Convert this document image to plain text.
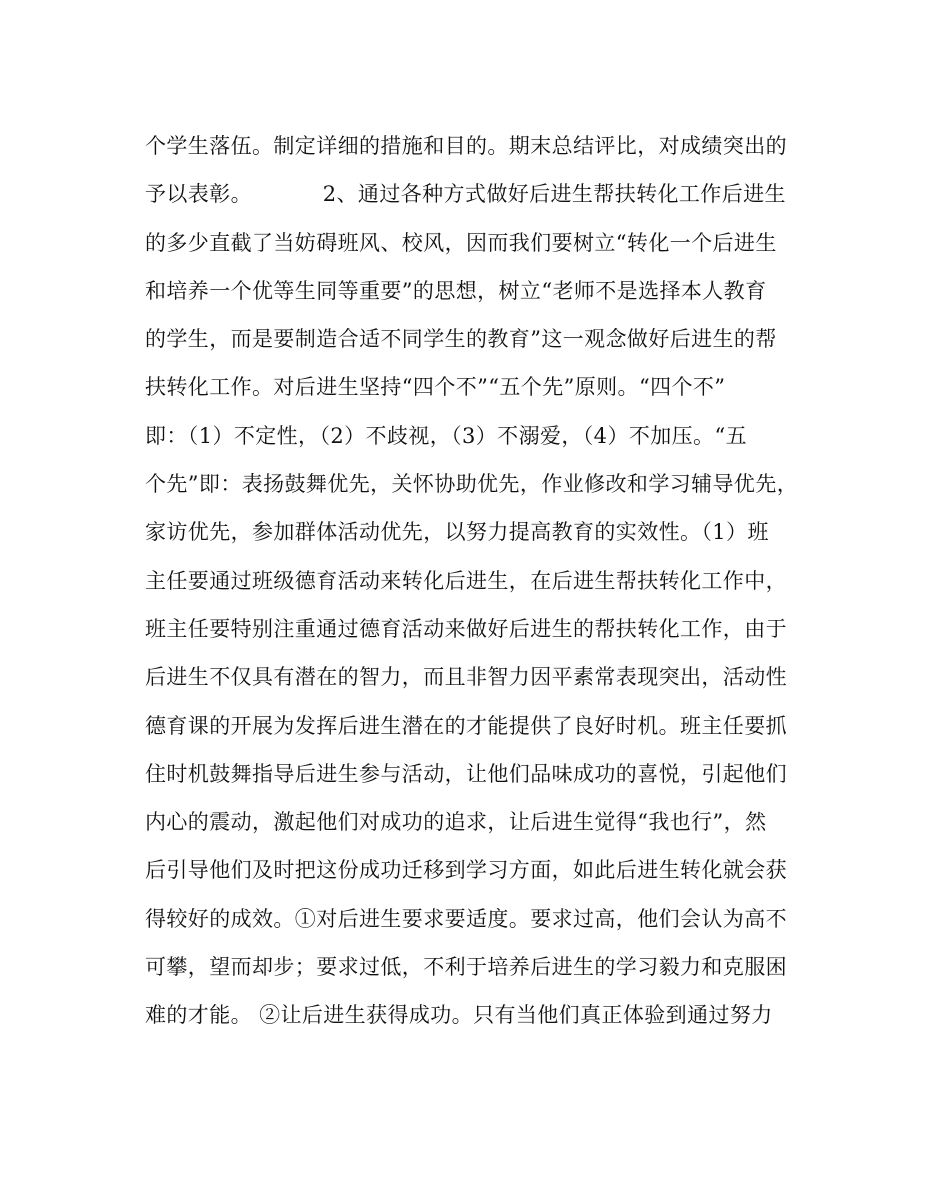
个学生落伍。制定详细的措施和目的。期末总结评比，对成绩突出的
予以表彰。          2、通过各种方式做好后进生帮扶转化工作后进生
的多少直截了当妨碍班风、校风，因而我们要树立“转化一个后进生
和培养一个优等生同等重要”的思想，树立“老师不是选择本人教育
的学生，而是要制造合适不同学生的教育”这一观念做好后进生的帮
扶转化工作。对后进生坚持“四个不”“五个先”原则。“四个不”
即：（1）不定性，（2）不歧视，（3）不溺爱，（4）不加压。“五
个先”即：表扬鼓舞优先，关怀协助优先，作业修改和学习辅导优先，
家访优先，参加群体活动优先，以努力提高教育的实效性。（1）班
主任要通过班级德育活动来转化后进生，在后进生帮扶转化工作中，
班主任要特别注重通过德育活动来做好后进生的帮扶转化工作，由于
后进生不仅具有潜在的智力，而且非智力因平素常表现突出，活动性
德育课的开展为发挥后进生潜在的才能提供了良好时机。班主任要抓
住时机鼓舞指导后进生参与活动，让他们品味成功的喜悦，引起他们
内心的震动，激起他们对成功的追求，让后进生觉得“我也行”，然
后引导他们及时把这份成功迁移到学习方面，如此后进生转化就会获
得较好的成效。①对后进生要求要适度。要求过高，他们会认为高不
可攀，望而却步；要求过低，不利于培养后进生的学习毅力和克服困
难的才能。 ②让后进生获得成功。只有当他们真正体验到通过努力
